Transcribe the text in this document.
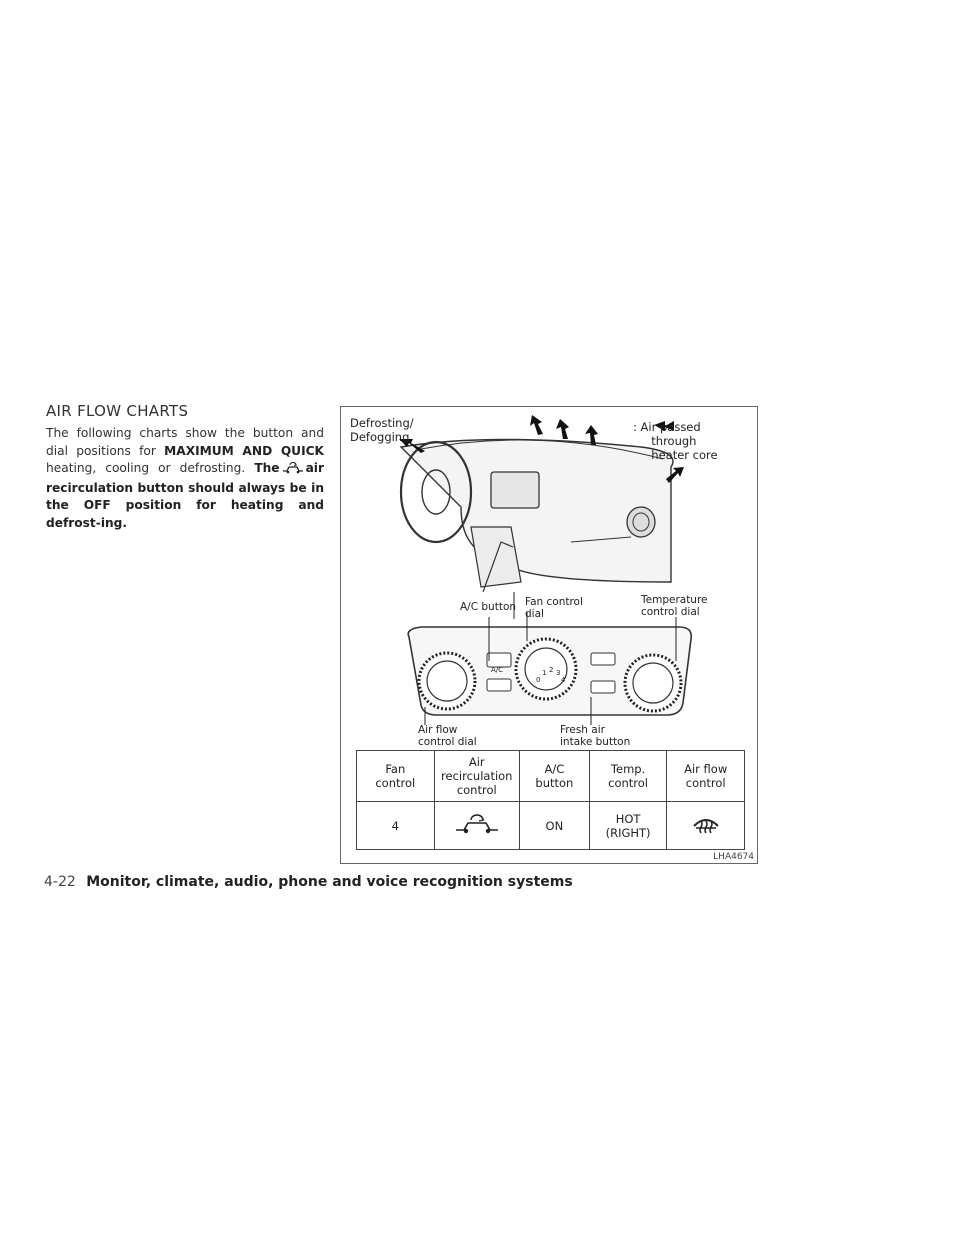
AIR FLOW CHARTS
The following charts show the button and dial positions for MAXIMUM AND QUICK heating, cooling or defrosting. The air recirculation button should always be in the OFF position for heating and defrost-ing.
Defrosting/
Defogging
: Air passed
through
heater core
A/C button Fan control
dial
Temperature
control dial
Air flow
control dial
Fresh air
intake button
A/C
0
1 2 3
4
Fan
control	Air
recirculation
control	A/C
button	Temp.
control	Air flow
control
4		ON	HOT
(RIGHT)	
LHA4674
4-22 Monitor, climate, audio, phone and voice recognition systems
